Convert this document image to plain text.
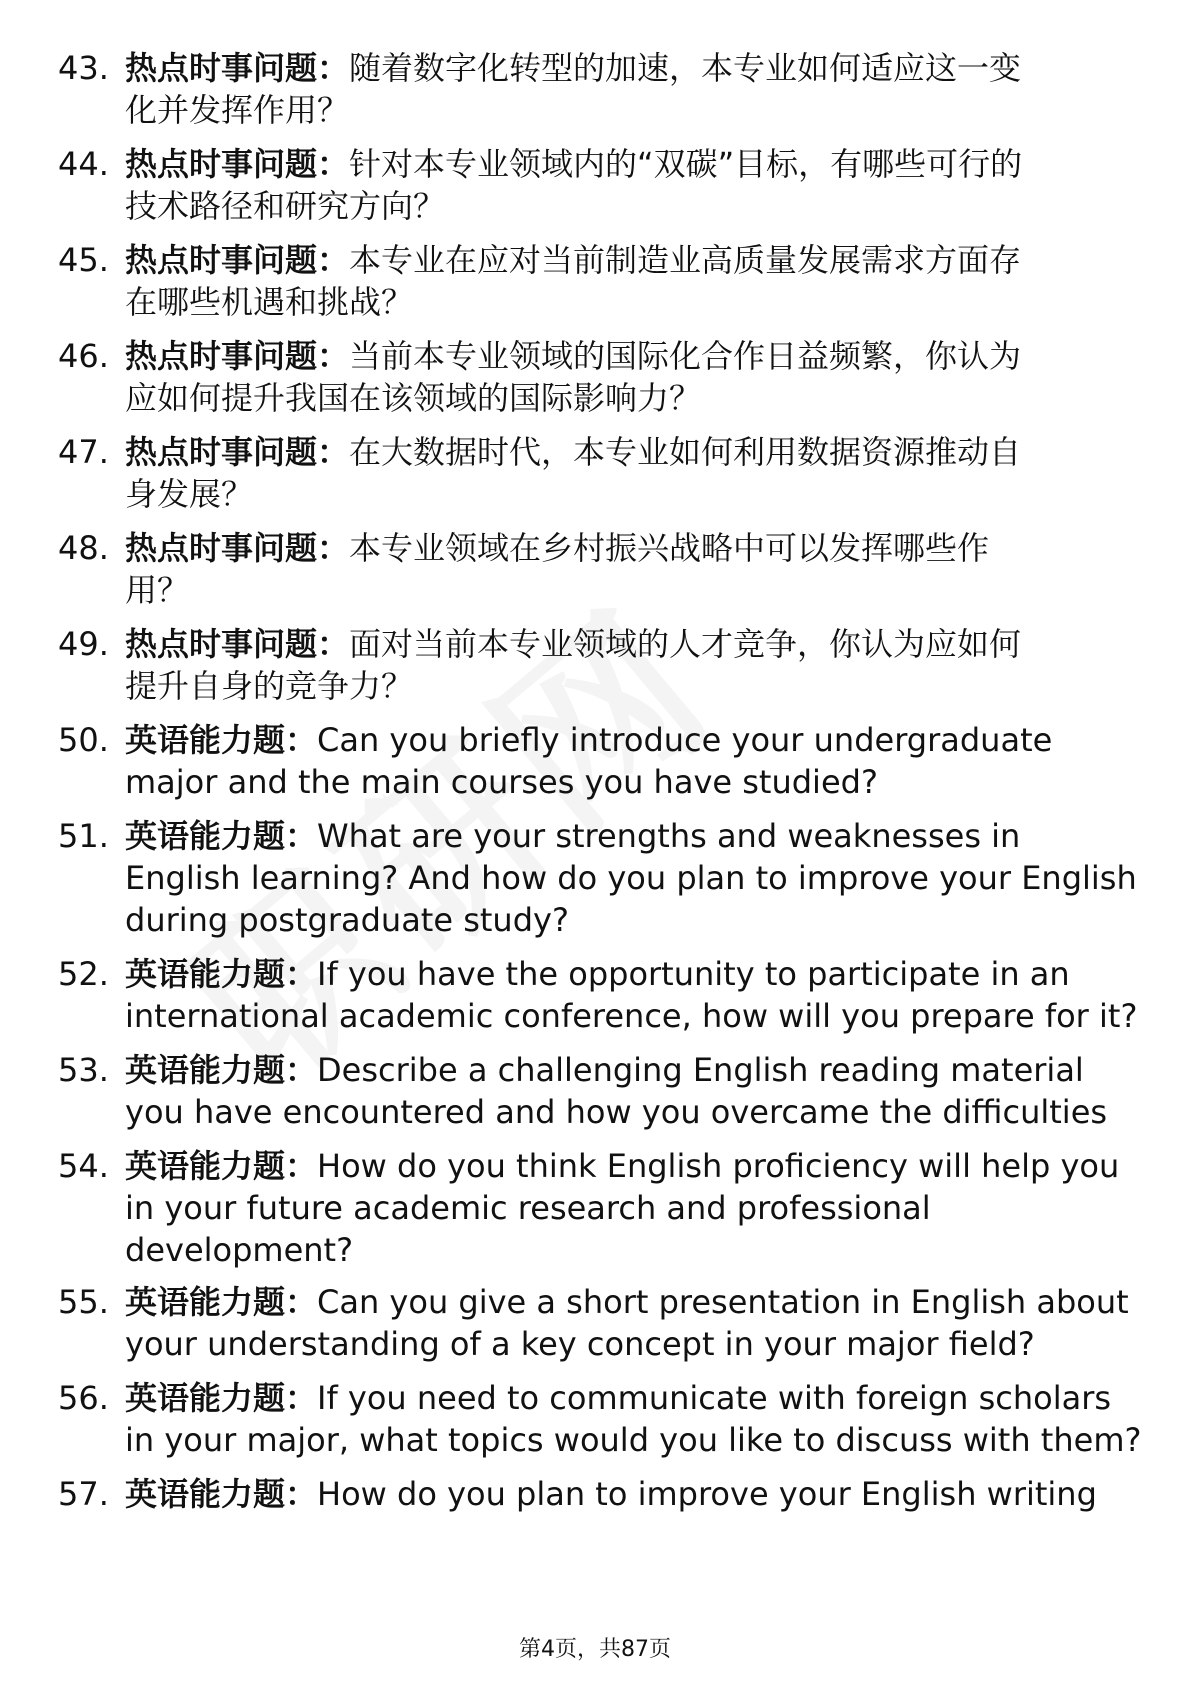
43. 热点时事问题：随着数字化转型的加速，本专业如何适应这一变
化并发挥作用？
44. 热点时事问题：针对本专业领域内的“双碳”目标，有哪些可行的
技术路径和研究方向？
45. 热点时事问题：本专业在应对当前制造业高质量发展需求方面存
在哪些机遇和挑战？
46. 热点时事问题：当前本专业领域的国际化合作日益频繁，你认为
应如何提升我国在该领域的国际影响力？
47. 热点时事问题：在大数据时代，本专业如何利用数据资源推动自
身发展？
48. 热点时事问题：本专业领域在乡村振兴战略中可以发挥哪些作
用？
49. 热点时事问题：面对当前本专业领域的人才竞争，你认为应如何
提升自身的竞争力？
50. 英语能力题：Can you briefly introduce your undergraduate
major and the main courses you have studied?
51. 英语能力题：What are your strengths and weaknesses in
English learning? And how do you plan to improve your English
during postgraduate study?
52. 英语能力题：If you have the opportunity to participate in an
international academic conference, how will you prepare for it?
53. 英语能力题：Describe a challenging English reading material
you have encountered and how you overcame the difficulties
54. 英语能力题：How do you think English proficiency will help you
in your future academic research and professional
development?
55. 英语能力题：Can you give a short presentation in English about
your understanding of a key concept in your major field?
56. 英语能力题：If you need to communicate with foreign scholars
in your major, what topics would you like to discuss with them?
57. 英语能力题：How do you plan to improve your English writing
第4页，共87页
